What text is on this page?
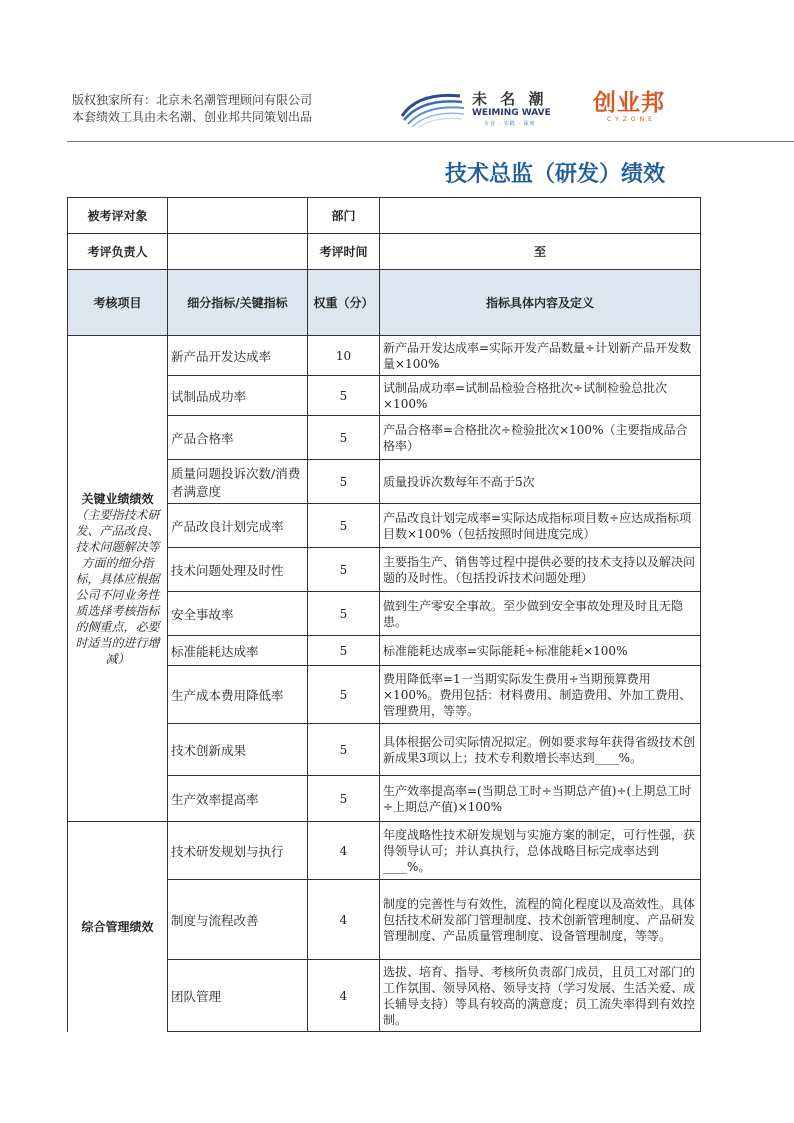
版权独家所有：北京未名潮管理顾问有限公司
本套绩效工具由未名潮、创业邦共同策划出品
未 名 潮
WEIMING WAVE
专业 · 实践 · 深度
创业邦
CYZONE
技术总监（研发）绩效
被考评对象		部门	
考评负责人		考评时间	至
考核项目	细分指标/关键指标	权重（分）	指标具体内容及定义

关键业绩绩效
（主要指技术研发、产品改良、技术问题解决等方面的细分指标，具体应根据公司不同业务性质选择考核指标的侧重点，必要时适当的进行增减）	新产品开发达成率	10	新产品开发达成率=实际开发产品数量÷计划新产品开发数量×100%
	试制品成功率	5	试制品成功率=试制品检验合格批次÷试制检验总批次×100%
	产品合格率	5	产品合格率=合格批次÷检验批次×100%（主要指成品合格率）
	质量问题投诉次数/消费者满意度	5	质量投诉次数每年不高于5次
	产品改良计划完成率	5	产品改良计划完成率=实际达成指标项目数÷应达成指标项目数×100%（包括按照时间进度完成）
	技术问题处理及时性	5	主要指生产、销售等过程中提供必要的技术支持以及解决问题的及时性。（包括投诉技术问题处理）
	安全事故率	5	做到生产零安全事故。至少做到安全事故处理及时且无隐患。
	标准能耗达成率	5	标准能耗达成率=实际能耗÷标准能耗×100%
	生产成本费用降低率	5	费用降低率=1一当期实际发生费用÷当期预算费用×100%。费用包括：材料费用、制造费用、外加工费用、管理费用，等等。
	技术创新成果	5	具体根据公司实际情况拟定。例如要求每年获得省级技术创新成果3项以上；技术专利数增长率达到____%。
	生产效率提高率	5	生产效率提高率=(当期总工时÷当期总产值)÷(上期总工时÷上期总产值)×100%

综合管理绩效	技术研发规划与执行	4	年度战略性技术研发规划与实施方案的制定，可行性强，获得领导认可；并认真执行，总体战略目标完成率达到____%。
	制度与流程改善	4	制度的完善性与有效性，流程的简化程度以及高效性。具体包括技术研发部门管理制度、技术创新管理制度、产品研发管理制度、产品质量管理制度、设备管理制度，等等。
	团队管理	4	选拔、培育、指导、考核所负责部门成员，且员工对部门的工作氛围、领导风格、领导支持（学习发展、生活关爱、成长辅导支持）等具有较高的满意度；员工流失率得到有效控制。
